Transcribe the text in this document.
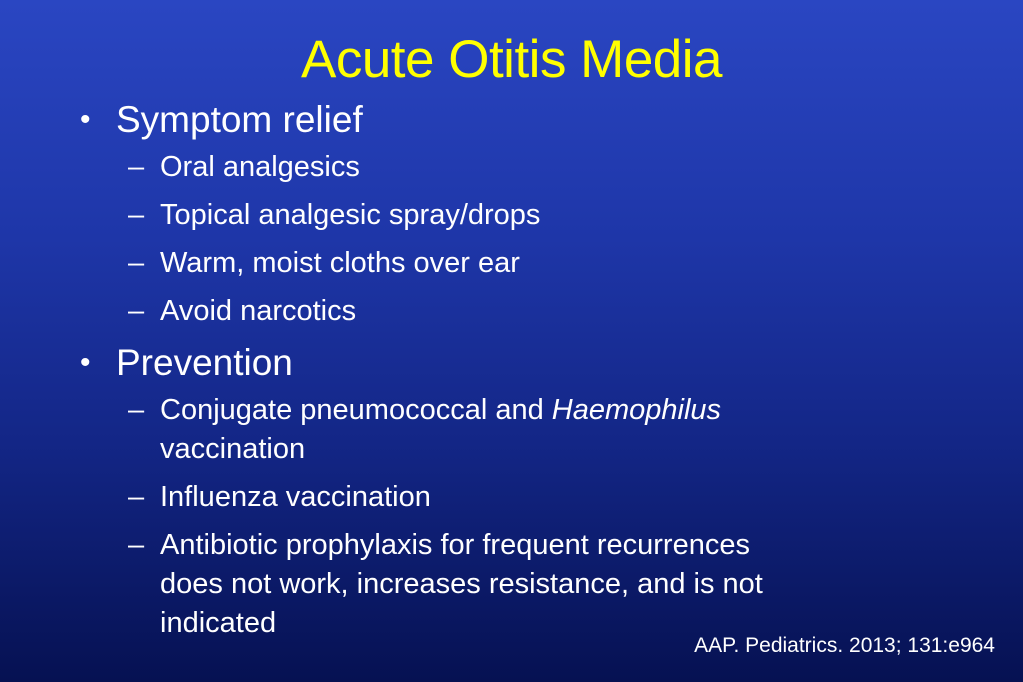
Acute Otitis Media
• Symptom relief
– Oral analgesics
– Topical analgesic spray/drops
– Warm, moist cloths over ear
– Avoid narcotics
• Prevention
– Conjugate pneumococcal and Haemophilus
vaccination
– Influenza vaccination
– Antibiotic prophylaxis for frequent recurrences
does not work, increases resistance, and is not
indicated
AAP. Pediatrics. 2013; 131:e964
